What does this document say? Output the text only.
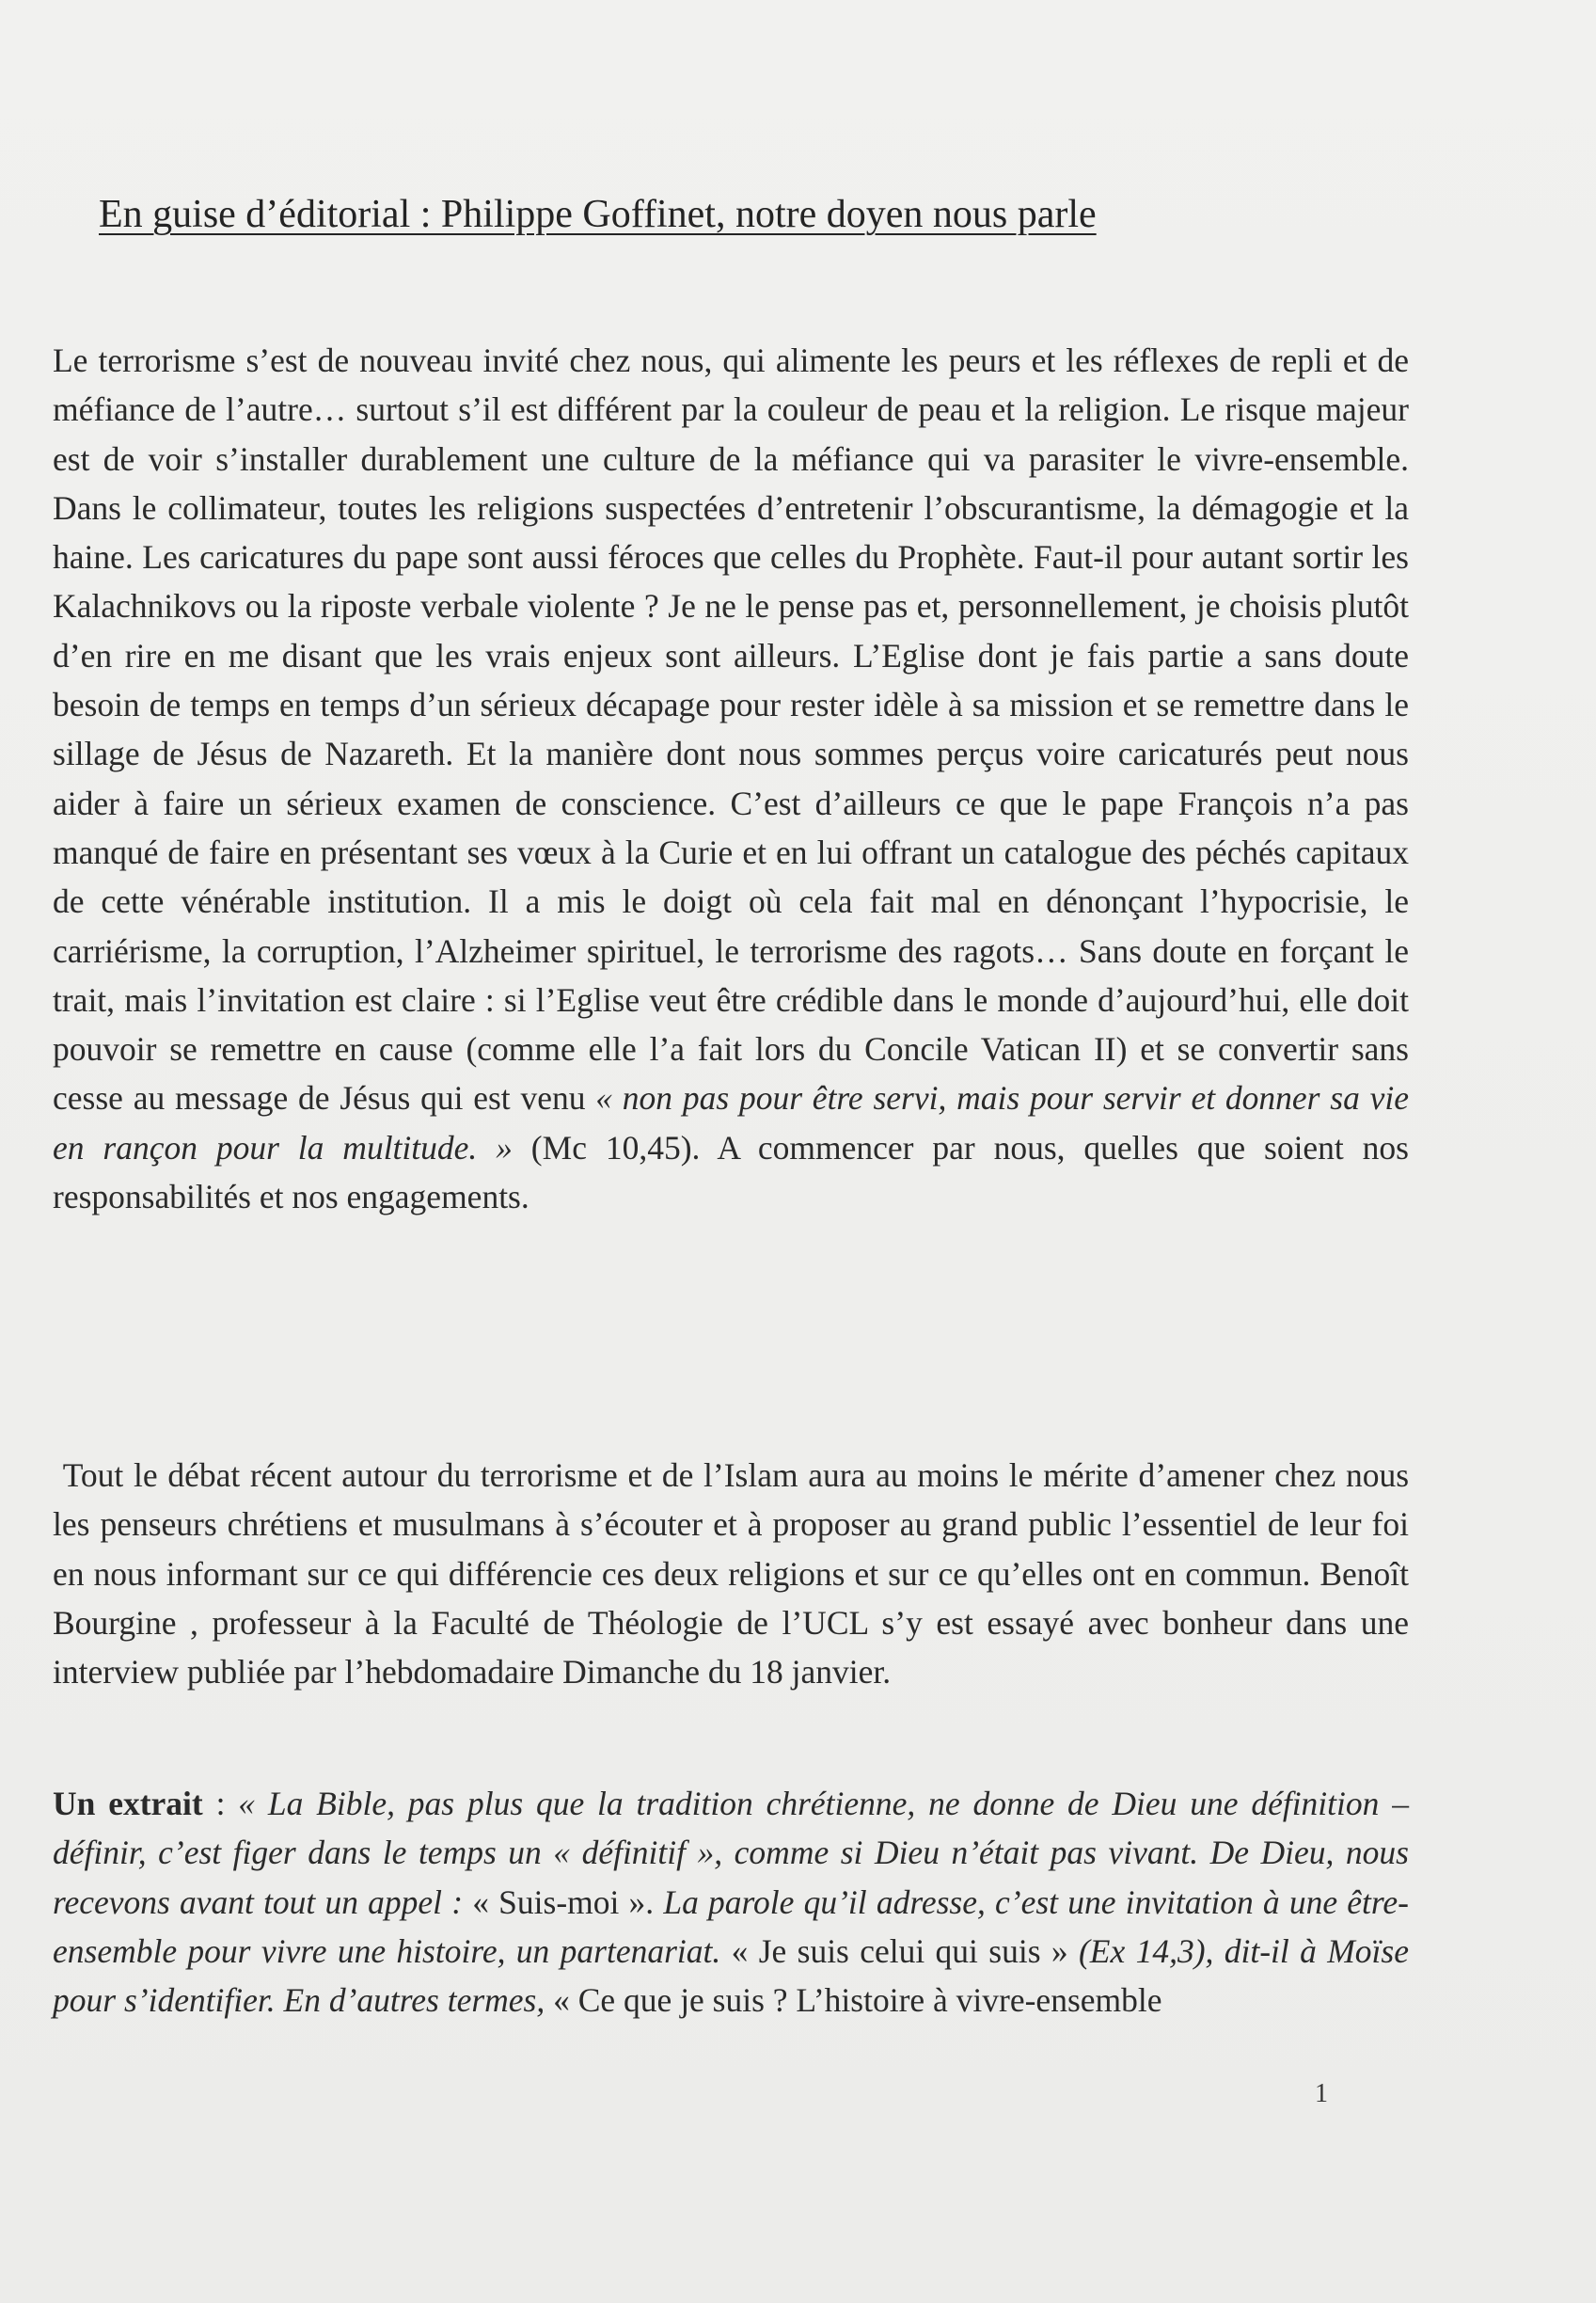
En guise d’éditorial : Philippe Goffinet, notre doyen nous parle

Le terrorisme s’est de nouveau invité chez nous, qui alimente les peurs et les réflexes de repli et de méfiance de l’autre… surtout s’il est différent par la couleur de peau et la religion. Le risque majeur est de voir s’installer durablement une culture de la méfiance qui va parasiter le vivre-ensemble. Dans le collimateur, toutes les religions suspectées d’entretenir l’obscurantisme, la démagogie et la haine. Les caricatures du pape sont aussi féroces que celles du Prophète. Faut-il pour autant sortir les Kalachnikovs ou la riposte verbale violente ? Je ne le pense pas et, personnellement, je choisis plutôt d’en rire en me disant que les vrais enjeux sont ailleurs. L’Eglise dont je fais partie a sans doute besoin de temps en temps d’un sérieux décapage pour rester idèle à sa mission et se remettre dans le sillage de Jésus de Nazareth. Et la manière dont nous sommes perçus voire caricaturés peut nous aider à faire un sérieux examen de conscience. C’est d’ailleurs ce que le pape François n’a pas manqué de faire en présentant ses vœux à la Curie et en lui offrant un catalogue des péchés capitaux de cette vénérable institution. Il a mis le doigt où cela fait mal en dénonçant l’hypocrisie, le carriérisme, la corruption, l’Alzheimer spirituel, le terrorisme des ragots… Sans doute en forçant le trait, mais l’invitation est claire : si l’Eglise veut être crédible dans le monde d’aujourd’hui, elle doit pouvoir se remettre en cause (comme elle l’a fait lors du Concile Vatican II) et se convertir sans cesse au message de Jésus qui est venu « non pas pour être servi, mais pour servir et donner sa vie en rançon pour la multitude. » (Mc 10,45). A commencer par nous, quelles que soient nos responsabilités et nos engagements.

Tout le débat récent autour du terrorisme et de l’Islam aura au moins le mérite d’amener chez nous les penseurs chrétiens et musulmans à s’écouter et à proposer au grand public l’essentiel de leur foi en nous informant sur ce qui différencie ces deux religions et sur ce qu’elles ont en commun. Benoît Bourgine , professeur à la Faculté de Théologie de l’UCL s’y est essayé avec bonheur dans une interview publiée par l’hebdomadaire Dimanche du 18 janvier.

Un extrait : « La Bible, pas plus que la tradition chrétienne, ne donne de Dieu une définition – définir, c’est figer dans le temps un « définitif », comme si Dieu n’était pas vivant. De Dieu, nous recevons avant tout un appel : « Suis-moi ». La parole qu’il adresse, c’est une invitation à une être-ensemble pour vivre une histoire, un partenariat. « Je suis celui qui suis » (Ex 14,3), dit-il à Moïse pour s’identifier. En d’autres termes, « Ce que je suis ? L’histoire à vivre-ensemble

1
